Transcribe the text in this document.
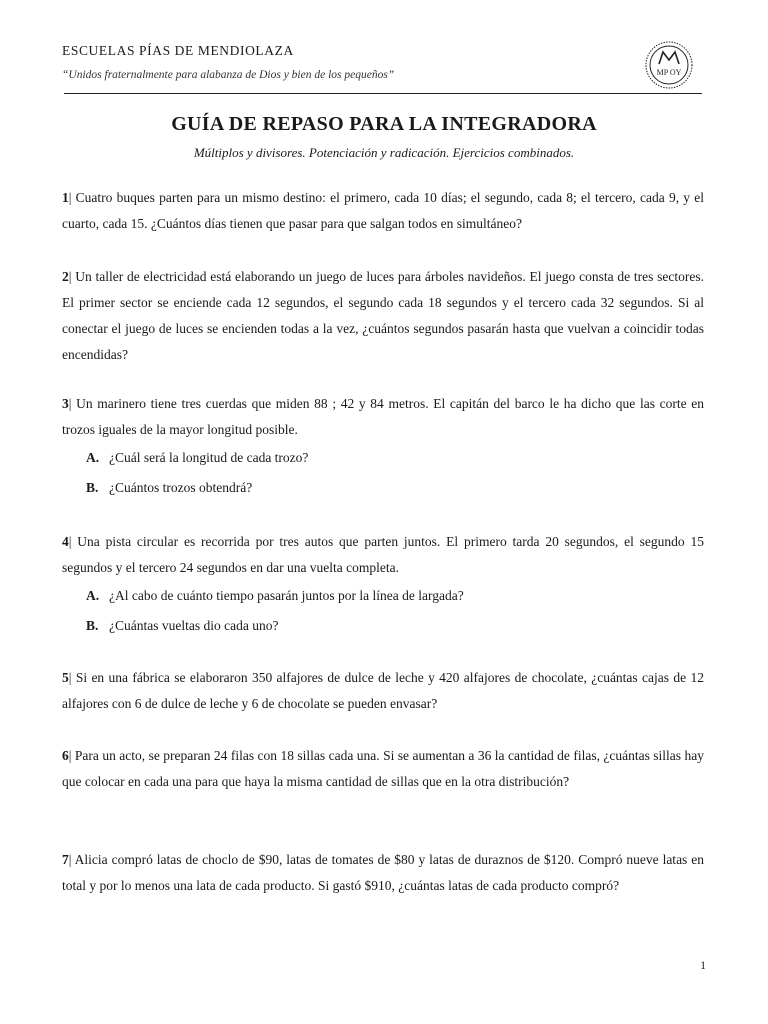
ESCUELAS PÍAS DE MENDIOLAZA
“Unidos fraternalmente para alabanza de Dios y bien de los pequeños”	MP OY
GUÍA DE REPASO PARA LA INTEGRADORA
Múltiplos y divisores. Potenciación y radicación. Ejercicios combinados.
1| Cuatro buques parten para un mismo destino: el primero, cada 10 días; el segundo, cada 8; el tercero, cada 9, y el cuarto, cada 15. ¿Cuántos días tienen que pasar para que salgan todos en simultáneo?
2| Un taller de electricidad está elaborando un juego de luces para árboles navideños. El juego consta de tres sectores. El primer sector se enciende cada 12 segundos, el segundo cada 18 segundos y el tercero cada 32 segundos. Si al conectar el juego de luces se encienden todas a la vez, ¿cuántos segundos pasarán hasta que vuelvan a coincidir todas encendidas?
3| Un marinero tiene tres cuerdas que miden 88 ; 42 y 84 metros. El capitán del barco le ha dicho que las corte en trozos iguales de la mayor longitud posible.
A. ¿Cuál será la longitud de cada trozo?
B. ¿Cuántos trozos obtendrá?
4| Una pista circular es recorrida por tres autos que parten juntos. El primero tarda 20 segundos, el segundo 15 segundos y el tercero 24 segundos en dar una vuelta completa.
A. ¿Al cabo de cuánto tiempo pasarán juntos por la línea de largada?
B. ¿Cuántas vueltas dio cada uno?
5| Si en una fábrica se elaboraron 350 alfajores de dulce de leche y 420 alfajores de chocolate, ¿cuántas cajas de 12 alfajores con 6 de dulce de leche y 6 de chocolate se pueden envasar?
6| Para un acto, se preparan 24 filas con 18 sillas cada una. Si se aumentan a 36 la cantidad de filas, ¿cuántas sillas hay que colocar en cada una para que haya la misma cantidad de sillas que en la otra distribución?
7| Alicia compró latas de choclo de $90, latas de tomates de $80 y latas de duraznos de $120. Compró nueve latas en total y por lo menos una lata de cada producto. Si gastó $910, ¿cuántas latas de cada producto compró?
1
